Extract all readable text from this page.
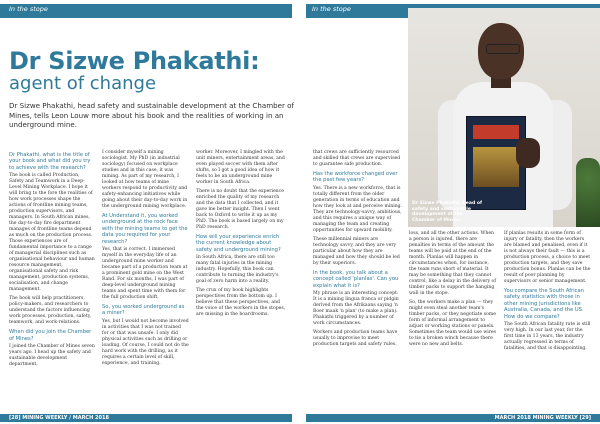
In the stope	In the stope
Dr Sizwe Phakathi:
agent of change
Dr Sizwe Phakathi, head safety and sustainable development at the Chamber of Mines, tells Leon Louw more about his book and the realities of working in an underground mine.

Dr Phakathi, what is the title of your book and what did you try to achieve with the research?

The book is called Production, Safety and Teamwork in a Deep-Level Mining Workplace. I hope it will bring to the fore the realities of how work processes shape the actions of frontline mining teams, production supervisors, and managers. In South African mines, the day-to-day fire department manages of frontline teams depend as much on the production process. Those experiences are of fundamental importance to a range of managerial disciplines such as organisational behaviour and human resource management, organisational safety and risk management, production systems, socialisation, and change management.

The book will help practitioners, policy-makers, and researchers to understand the factors influencing work processes, production, safety, teamwork, and work-relations.

When did you join the Chamber of Mines?

I joined the Chamber of Mines seven years ago. I head up the safety and sustainable development department.

I consider myself a mining sociologist. My PhD (in industrial sociology) focused on workplace studies and in this case, it was mining. As part of my research, I looked at how teams of mine workers respond to productivity and safety-enhancing initiatives while going about their day-to-day work in the underground mining workplace.

At Understand it, you worked underground at the rock face with the mining teams to get the data you required for your research?

Yes, that is correct. I immersed myself in the everyday life of an underground mine worker and became part of a production team at a prominent gold mine on the West Rand. For six months, I was part of deep-level underground mining teams and spent time with them for the full production shift.

So, you worked underground as a miner?

Yes, but I would not become involved in activities that I was not trained for or that was unsafe. I only did physical activities such as drilling or loading. Of course, I could not do the hard work with the drilling, as it requires a certain level of skill, experience, and training.

worker. Moreover, I mingled with the unit miners, entertainment areas, and even played soccer with them after shifts, so I got a good idea of how it feels to be an underground mine worker in South Africa.

There is no doubt that the experience enriched the quality of my research and the data that I collected, and it gave me better insight. Then I went back to Oxford to write it up as my PhD. The book is based largely on my PhD research.

How will your experience enrich the current knowledge about safety and underground mining?

In South Africa, there are still too many fatal injuries in the mining industry. Hopefully, this book can contribute to turning the industry's goal of zero harm into a reality.

The crux of my book highlights perspectives from the bottom up. I believe that these perspectives, and the voice of the workers in the stopes, are missing in the boardrooms.

that crews are sufficiently resourced and skilled that crews are supervised to guarantee safe production.

Has the workforce changed over the past few years?

Yes. There is a new workforce, that is totally different from the older generation in terms of education and how they look at and perceive mining. They are technology-savvy, ambitious, and this requires a unique way of managing the team and creating opportunities for upward mobility.

These millennial miners are technology savvy, and they are very particular about how they are managed and how they should be led by their superiors.

In the book, you talk about a concept called 'planlas'. Can you explain what it is?

My phrase is an interesting concept. It is a mining lingua franca or pidgin derived from the Afrikaans saying 'n Boer maak 'n plan' (to make a plan). Phakathi triggered by a number of work circumstances.

Workers and production teams have usually to improvise to meet production targets and safety rules.

loss, and all the other actions. When a person is injured, there are penalties in terms of the amount the teams will be paid at the end of the month. Planlas will happen in circumstances when, for instance, the team runs short of material. It may be something that they cannot control, like a delay in the delivery of timber packs to support the hanging wall in the stope.

So, the workers make a plan — they might even steal another team's timber packs, or they negotiate some form of informal arrangement to adjust or working stations or panels. Sometimes the team would use wires to tie a broken winch because there were no new and belts.

If planlas results in some form of injury or fatality, then the workers are blamed and penalised, even if it is not always their fault — this is a production process, a choice to meet production targets, and they save production bonus. Planlas can be the result of poor planning by supervisors or senior management.

You compare the South African safety statistics with those in other mining jurisdictions like Australia, Canada, and the US. How do we compare?

The South African fatality rate is still very high. In our last year, for the first time in 13 years, the industry actually regressed in terms of fatalities, and that is disappointing.

Dr Sizwe Phakathi, head of safety and sustainable development at the Chamber of Mines.
[28] MINING WEEKLY / MARCH 2018	MARCH 2018 MINING WEEKLY [29]
